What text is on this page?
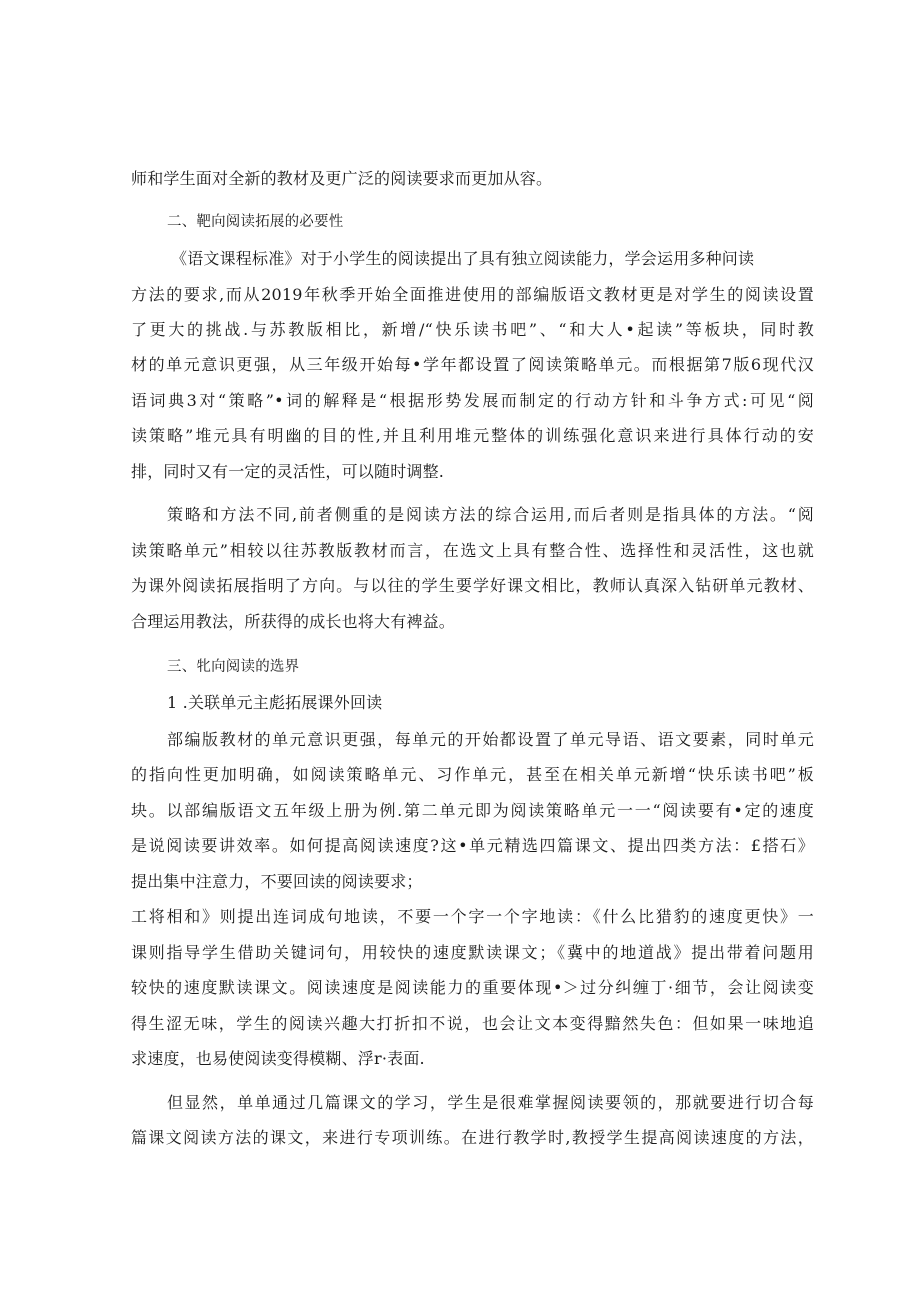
师和学生面对全新的教材及更广泛的阅读要求而更加从容。
二、靶向阅读拓展的必要性
《语文课程标准》对于小学生的阅读提出了具有独立阅读能力，学会运用多种问读
方法的要求,而从2019年秋季开始全面推进使用的部编版语文教材更是对学生的阅读设置
了更大的挑战.与苏教版相比，新增/“快乐读书吧”、“和大人•起读”等板块，同时教
材的单元意识更强，从三年级开始每•学年都设置了阅读策略单元。而根据第7版6现代汉
语词典3对“策略”•词的解释是“根据形势发展而制定的行动方针和斗争方式:可见“阅
读策略”堆元具有明幽的目的性,并且利用堆元整体的训练强化意识来进行具体行动的安
排，同时又有一定的灵活性，可以随时调整.
策略和方法不同,前者侧重的是阅读方法的综合运用,而后者则是指具体的方法。“阅
读策略单元”相较以往苏教版教材而言，在选文上具有整合性、选择性和灵活性，这也就
为课外阅读拓展指明了方向。与以往的学生要学好课文相比，教师认真深入钻研单元教材、
合理运用教法，所获得的成长也将大有裨益。
三、牝向阅读的选界
1 .关联单元主彪拓展课外回读
部编版教材的单元意识更强，每单元的开始都设置了单元导语、语文要素，同时单元
的指向性更加明确，如阅读策略单元、习作单元，甚至在相关单元新增“快乐读书吧”板
块。以部编版语文五年级上册为例.第二单元即为阅读策略单元一一“阅读要有•定的速度
是说阅读要讲效率。如何提高阅读速度?这•单元精选四篇课文、提出四类方法：£搭石》
提出集中注意力，不要回读的阅读要求；
工将相和》则提出连词成句地读，不要一个字一个字地读：《什么比猎豹的速度更快》一
课则指导学生借助关键词句，用较快的速度默读课文；《冀中的地道战》提出带着问题用
较快的速度默读课文。阅读速度是阅读能力的重要体现•＞过分纠缠丁·细节，会让阅读变
得生涩无味，学生的阅读兴趣大打折扣不说，也会让文本变得黯然失色：但如果一味地追
求速度，也易使阅读变得模糊、浮r·表面.
但显然，单单通过几篇课文的学习，学生是很难掌握阅读要领的，那就要进行切合每
篇课文阅读方法的课文，来进行专项训练。在进行教学时,教授学生提高阅读速度的方法，
